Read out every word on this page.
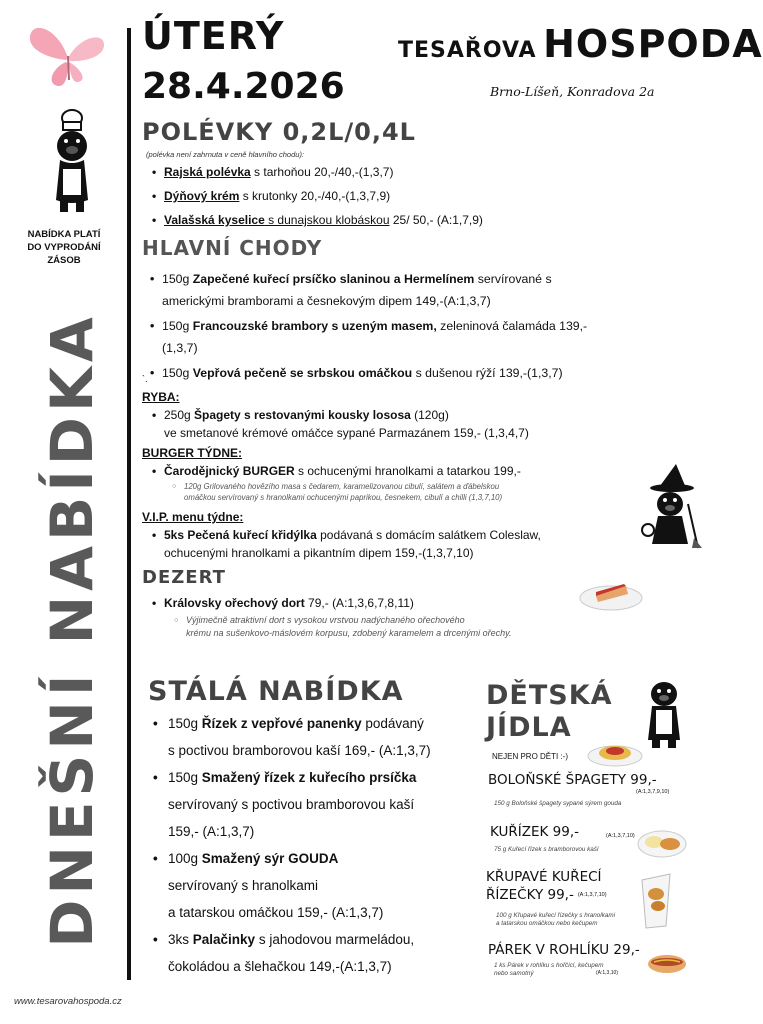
NABÍDKA PLATÍ
DO VYPRODÁNÍ
ZÁSOB
DNEŠNÍ NABÍDKA
www.tesarovahospoda.cz
ÚTERÝ
28.4.2026
TESAŘOVA HOSPODA
Brno-Líšeň, Konradova 2a
POLÉVKY 0,2L/0,4L
(polévka není zahrnuta v ceně hlavního chodu):
• Rajská polévka s tarhoňou 20,-/40,-(1,3,7)
• Dýňový krém s krutonky 20,-/40,-(1,3,7,9)
• Valašská kyselice s dunajskou klobáskou 25/ 50,- (A:1,7,9)
HLAVNÍ CHODY
• 150g Zapečené kuřecí prsíčko slaninou a Hermelínem servírované s
americkými bramborami a česnekovým dipem 149,-(A:1,3,7)
• 150g Francouzské brambory s uzeným masem, zeleninová čalamáda 139,-
(1,3,7)
• 150g Vepřová pečeně se srbskou omáčkou s dušenou rýží 139,-(1,3,7)
`.
RYBA:
• 250g Špagety s restovanými kousky lososa (120g)
ve smetanové krémové omáčce sypané Parmazánem 159,- (1,3,4,7)
BURGER TÝDNE:
• Čarodějnický BURGER s ochucenými hranolkami a tatarkou 199,-
○ 120g Grilovaného hovězího masa s čedarem, karamelizovanou cibulí, salátem a ďábelskou
omáčkou servírovaný s hranolkami ochucenými paprikou, česnekem, cibulí a chilli (1,3,7,10)
V.I.P. menu týdne:
• 5ks Pečená kuřecí křidýlka podávaná s domácím salátkem Coleslaw,
ochucenými hranolkami a pikantním dipem 159,-(1,3,7,10)
DEZERT
• Královsky ořechový dort 79,- (A:1,3,6,7,8,11)
○ Výjimečně atraktivní dort s vysokou vrstvou nadýchaného ořechového
krému na sušenkovo-máslovém korpusu, zdobený karamelem a drcenými ořechy.
STÁLÁ NABÍDKA
• 150g Řízek z vepřové panenky podávaný
s poctivou bramborovou kaší 169,- (A:1,3,7)
• 150g Smažený řízek z kuřecího prsíčka
servírovaný s poctivou bramborovou kaší
159,- (A:1,3,7)
• 100g Smažený sýr GOUDA
servírovaný s hranolkami
a tatarskou omáčkou 159,- (A:1,3,7)
• 3ks Palačinky s jahodovou marmeládou,
čokoládou a šlehačkou 149,-(A:1,3,7)
DĚTSKÁ
JÍDLA
NEJEN PRO DĚTI :-)
BOLOŇSKÉ ŠPAGETY 99,-
(A:1,3,7,9,10)
150 g Boloňské špagety sypané sýrem gouda
KUŘÍZEK 99,-	(A:1,3,7,10)
75 g Kuřecí řízek s bramborovou kaší
KŘUPAVÉ KUŘECÍ
ŘÍZEČKY 99,- (A:1,3,7,10)
100 g Křupavé kuřecí řízečky s hranolkami
a tatarskou omáčkou nebo kečupem
PÁREK V ROHLÍKU 29,-
1 ks Párek v rohlíku s hořčicí, kečupem
nebo samotný	(A:1,3,10)
